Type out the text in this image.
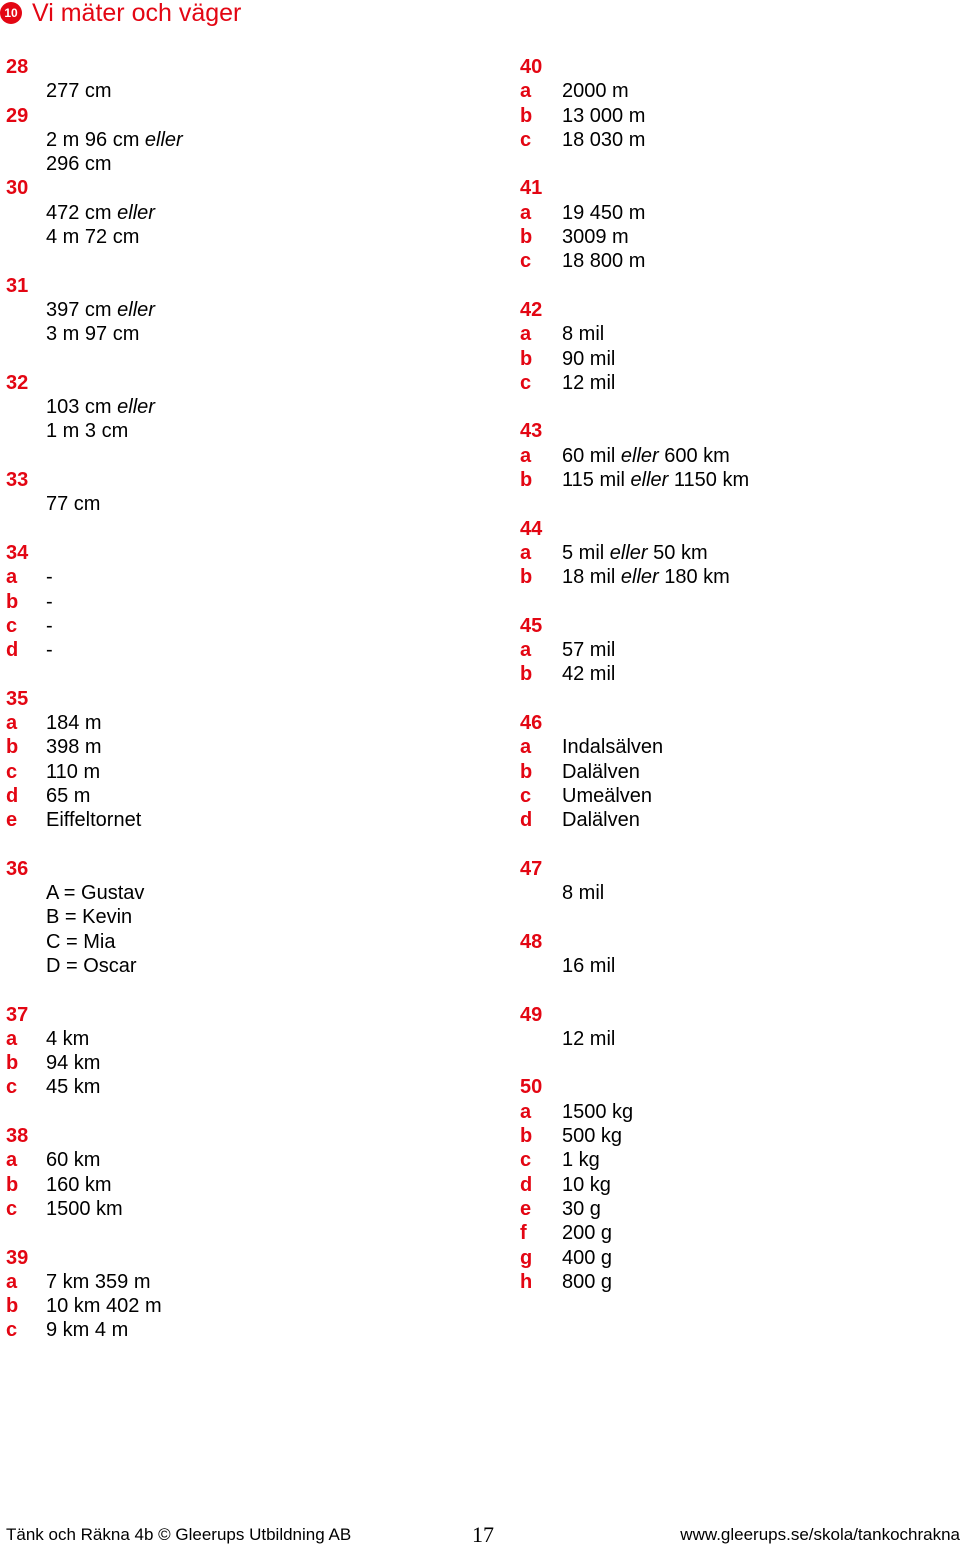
10 Vi mäter och väger
28
277 cm
29
2 m 96 cm eller
296 cm
30
472 cm eller
4 m 72 cm
31
397 cm eller
3 m 97 cm
32
103 cm eller
1 m 3 cm
33
77 cm
34
a -
b -
c -
d -
35
a 184 m
b 398 m
c 110 m
d 65 m
e Eiffeltornet
36
A = Gustav
B = Kevin
C = Mia
D = Oscar
37
a 4 km
b 94 km
c 45 km
38
a 60 km
b 160 km
c 1500 km
39
a 7 km 359 m
b 10 km 402 m
c 9 km 4 m
40
a 2000 m
b 13 000 m
c 18 030 m
41
a 19 450 m
b 3009 m
c 18 800 m
42
a 8 mil
b 90 mil
c 12 mil
43
a 60 mil eller 600 km
b 115 mil eller 1150 km
44
a 5 mil eller 50 km
b 18 mil eller 180 km
45
a 57 mil
b 42 mil
46
a Indalsälven
b Dalälven
c Umeälven
d Dalälven
47
8 mil
48
16 mil
49
12 mil
50
a 1500 kg
b 500 kg
c 1 kg
d 10 kg
e 30 g
f 200 g
g 400 g
h 800 g
Tänk och Räkna 4b © Gleerups Utbildning AB	17	www.gleerups.se/skola/tankochrakna
